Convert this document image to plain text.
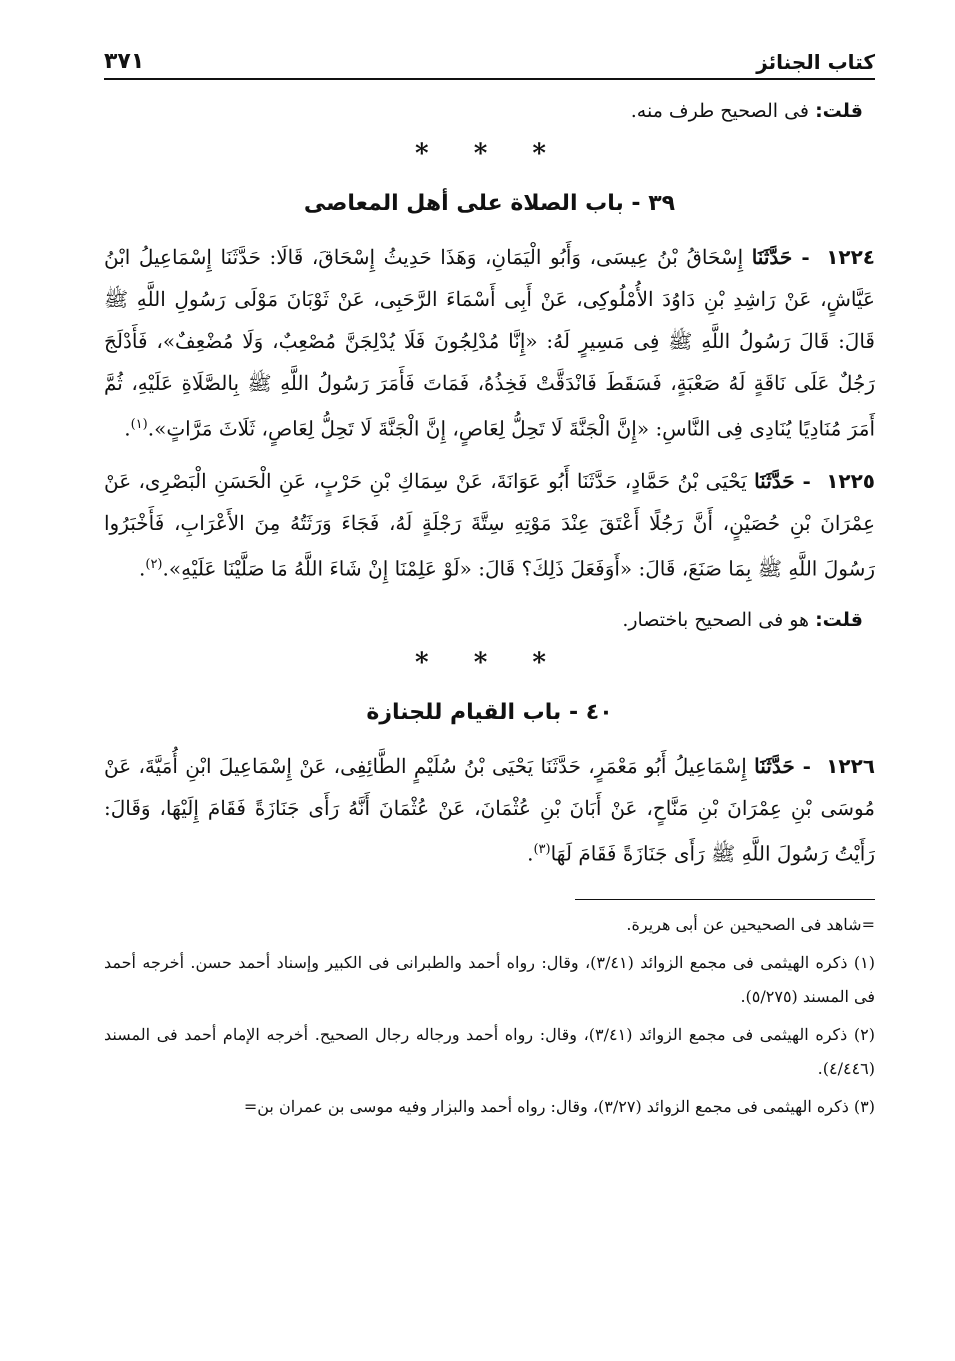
كتاب الجنائز
٣٧١

قلت: فى الصحيح طرف منه.

* * *
٣٩ - باب الصلاة على أهل المعاصى

١٢٢٤ - حَدَّثَنَا إِسْحَاقُ بْنُ عِيسَى، وَأَبُو الْيَمَانِ، وَهَذَا حَدِيثُ إِسْحَاقَ، قَالَا: حَدَّثَنَا إِسْمَاعِيلُ ابْنُ عَيَّاشٍ، عَنْ رَاشِدِ بْنِ دَاوُدَ الأُمْلُوكِى، عَنْ أَبِى أَسْمَاءَ الرَّحَبِى، عَنْ ثَوْبَانَ مَوْلَى رَسُولِ اللَّهِ ﷺ قَالَ: قَالَ رَسُولُ اللَّهِ ﷺ فِى مَسِيرٍ لَهُ: «إِنَّا مُدْلِجُونَ فَلَا يُدْلِجَنَّ مُصْعِبٌ، وَلَا مُضْعِفٌ»، فَأَدْلَجَ رَجُلٌ عَلَى نَاقَةٍ لَهُ صَعْبَةٍ، فَسَقَطَ فَانْدَقَّتْ فَخِذُهُ، فَمَاتَ فَأَمَرَ رَسُولُ اللَّهِ ﷺ بِالصَّلَاةِ عَلَيْهِ، ثُمَّ أَمَرَ مُنَادِيًا يُنَادِى فِى النَّاسِ: «إِنَّ الْجَنَّةَ لَا تَحِلُّ لِعَاصٍ، إِنَّ الْجَنَّةَ لَا تَحِلُّ لِعَاصٍ، ثَلَاثَ مَرَّاتٍ».$^{(١)}$.

١٢٢٥ - حَدَّثَنَا يَحْيَى بْنُ حَمَّادٍ، حَدَّثَنَا أَبُو عَوَانَةَ، عَنْ سِمَاكِ بْنِ حَرْبٍ، عَنِ الْحَسَنِ الْبَصْرِى، عَنْ عِمْرَانَ بْنِ حُصَيْنٍ، أَنَّ رَجُلًا أَعْتَقَ عِنْدَ مَوْتِهِ سِتَّةَ رَجْلَةٍ لَهُ، فَجَاءَ وَرَثَتُهُ مِنَ الأَعْرَابِ، فَأَخْبَرُوا رَسُولَ اللَّهِ ﷺ بِمَا صَنَعَ، قَالَ: «أَوَفَعَلَ ذَلِكَ؟ قَالَ: «لَوْ عَلِمْنَا إِنْ شَاءَ اللَّهُ مَا صَلَّيْنَا عَلَيْهِ».$^{(٢)}$.

قلت: هو فى الصحيح باختصار.

* * *
٤٠ - باب القيام للجنازة

١٢٢٦ - حَدَّثَنَا إِسْمَاعِيلُ أَبُو مَعْمَرٍ، حَدَّثَنَا يَحْيَى بْنُ سُلَيْمٍ الطَّائِفِى، عَنْ إِسْمَاعِيلَ ابْنِ أُمَيَّةَ، عَنْ مُوسَى بْنِ عِمْرَانَ بْنِ مَنَّاحٍ، عَنْ أَبَانَ بْنِ عُثْمَانَ، عَنْ عُثْمَانَ أَنَّهُ رَأَى جَنَازَةً فَقَامَ إِلَيْهَا، وَقَالَ: رَأَيْتُ رَسُولَ اللَّهِ ﷺ رَأَى جَنَازَةً فَقَامَ لَهَا$^{(٣)}$.

=شاهد فى الصحيحين عن أبى هريرة.

(١) ذكره الهيثمى فى مجمع الزوائد (٣/٤١)، وقال: رواه أحمد والطبرانى فى الكبير وإسناد أحمد حسن. أخرجه أحمد فى المسند (٥/٢٧٥).

(٢) ذكره الهيثمى فى مجمع الزوائد (٣/٤١)، وقال: رواه أحمد ورجاله رجال الصحيح. أخرجه الإمام أحمد فى المسند (٤/٤٤٦).

(٣) ذكره الهيثمى فى مجمع الزوائد (٣/٢٧)، وقال: رواه أحمد والبزار وفيه موسى بن عمران بن=
